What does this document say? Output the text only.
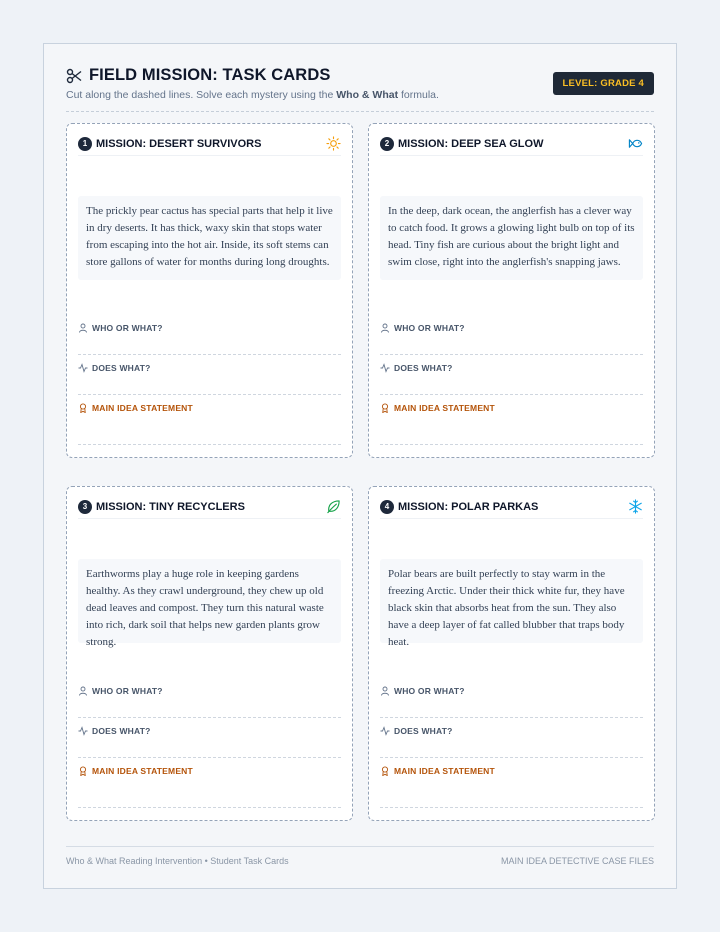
FIELD MISSION: TASK CARDS
Cut along the dashed lines. Solve each mystery using the Who & What formula.
LEVEL: GRADE 4
1 MISSION: DESERT SURVIVORS
The prickly pear cactus has special parts that help it live in dry deserts. It has thick, waxy skin that stops water from escaping into the hot air. Inside, its soft stems can store gallons of water for months during long droughts.
WHO OR WHAT?
DOES WHAT?
MAIN IDEA STATEMENT
2 MISSION: DEEP SEA GLOW
In the deep, dark ocean, the anglerfish has a clever way to catch food. It grows a glowing light bulb on top of its head. Tiny fish are curious about the bright light and swim close, right into the anglerfish's snapping jaws.
WHO OR WHAT?
DOES WHAT?
MAIN IDEA STATEMENT
3 MISSION: TINY RECYCLERS
Earthworms play a huge role in keeping gardens healthy. As they crawl underground, they chew up old dead leaves and compost. They turn this natural waste into rich, dark soil that helps new garden plants grow strong.
WHO OR WHAT?
DOES WHAT?
MAIN IDEA STATEMENT
4 MISSION: POLAR PARKAS
Polar bears are built perfectly to stay warm in the freezing Arctic. Under their thick white fur, they have black skin that absorbs heat from the sun. They also have a deep layer of fat called blubber that traps body heat.
WHO OR WHAT?
DOES WHAT?
MAIN IDEA STATEMENT
Who & What Reading Intervention • Student Task Cards	MAIN IDEA DETECTIVE CASE FILES
